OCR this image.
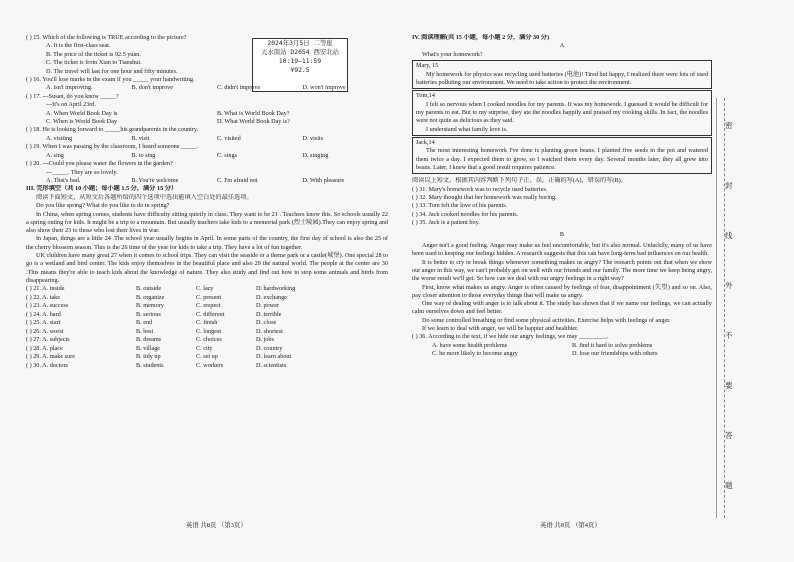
2024年3月5日 二等座
天水南站 D2654 西安北站
10:19—11:59
¥92.5
( ) 15. Which of the following is TRUE according to the picture?
A. It is the first-class seat.
B. The price of the ticket is 92.5 yuan.
C. The ticket is from Xian to Tianshui.
D. The travel will last for one hour and fifty minutes.
( ) 16. You'll lose marks in the exam if you _____ your handwriting.
A. isn't improving.	B. don't improve	C. didn't improve	D. won't improve
( ) 17. ---Susan, do you know _____?
---It's on April 23rd.
A. When World Book Day is	B. What is World Book Day?
C. When is World Book Day	D. What World Book Day is?
( ) 18. He is looking forward to _____his grandparents in the country.
A. visiting	B. visit	C. visited	D. visits
( ) 19. When I was passing by the classroom, I heard someone _____.
A. sing	B. to sing	C. sings	D. singing
( ) 20. ---Could you please water the flowers in the garden?
---_____. They are so lovely.
A. That's bad.	B. You're welcome	C. I'm afraid not	D. With pleasure
III. 完形填空（共 10 小题；每小题 1.5 分，满分 15 分）
阅读下面短文，从短文后各题所给的四个选项中选出能填入空白处的最佳选项。
Do you like spring? What do you like to do in spring?
In China, when spring comes, students have difficulty sitting quietly in class. They want to be 21 . Teachers know this. So schools usually 22 a spring outing for kids. It might be a trip to a mountain. But usually teachers take kids to a memorial park (烈士陵园).They can enjoy spring and also show their 23 to those who lost their lives in war.
In Japan, things are a little 24 .The school year usually begins in April. In some parts of the country, the first day of school is also the 25 of the cherry blossom season. This is the 26 time of the year for kids to take a trip. They have a lot of fun together.
UK children have many great 27 when it comes to school trips. They can visit the seaside or a theme park or a castle(城堡). One special 28 to go is a wetland and bird center. The kids enjoy themselves in the beautiful place and also 29 the natural world. The people at the center are 30 .This means they're able to teach kids about the knowledge of nature. They also study and find out how to stop some animals and birds from disappearing.
( ) 21. A. inside	B. outside	C. lazy	D. hardworking
( ) 22. A. take	B. organize	C. present	D. exchange
( ) 23. A. success	B. memory	C. respect	D. power
( ) 24. A. hard	B. serious	C. different	D. terrible
( ) 25. A. start	B. end	C. finish	D. close
( ) 26. A. worst	B. best	C. longest	D. shortest
( ) 27. A. subjects	B. dreams	C. choices	D. jobs
( ) 28. A. place	B. village	C. city	D. country
( ) 29. A. make sure	B. tidy up	C. set up	D. learn about
( ) 30. A. doctors	B. students	C. workers	D. scientists
英语 共8页 （第3页）
IV. 阅读理解(共 15 小题，每小题 2 分，满分 30 分)
A
What's your homework?
Mary, 15
My homework for physics was recycling used batteries (电池)! Tired but happy, I realized there were lots of used batteries polluting our environment. We need to take action to protect the environment.
Tom,14
I felt so nervous when I cooked noodles for my parents. It was my homework. I guessed it would be difficult for my parents to eat. But to my surprise, they ate the noodles happily and praised my cooking skills. In fact, the noodles were not quite as delicious as they said.
I understand what family love is.
Jack,14
The most interesting homework I've done is planting green beans. I planted five seeds in the pot and watered them twice a day. I expected them to grow, so I watched them every day. Several months later, they all grew into beans. Later, I knew that a good result requires patience.
阅读以上短文，根据其内容判断下列句子正、误，正确的写(A)，错误的写(B)。
( ) 31. Mary's homework was to recycle used batteries.
( ) 32. Mary thought that her homework was really boring.
( ) 33. Tom felt the love of his parents.
( ) 34. Jack cooked noodles for his parents.
( ) 35. Jack is a patient boy.
B
Anger isn't a good feeling. Anger may make us feel uncomfortable, but it's also normal. Unluckily, many of us have been used to keeping our feelings hidden. A research suggests that this can have long-term bad influences on our health.
It is better to cry or break things whenever something makes us angry? The research points out that when we show our anger in this way, we can't probably get on well with our friends and our family. The more time we keep being angry, the worse result we'll get. So how can we deal with our angry feelings in a right way?
First, know what makes us angry. Anger is often caused by feelings of fear, disappointment (失望) and so on. Also, pay closer attention to those everyday things that will make us angry.
One way of dealing with anger is to talk about it. The study has shown that if we name our feelings, we can actually calm ourselves down and feel better.
Do some controlled breathing or find some physical activities. Exercise helps with feelings of anger.
If we learn to deal with anger, we will be happier and healthier.
( ) 36. According to the text, if we hide our angry feelings, we may _________.
A. have some health problems	B. find it hard to solve problems
C. be more likely to become angry	D. lose our friendships with others
英语 共8页 （第4页）
密
封
线
外
不
要
答
题
